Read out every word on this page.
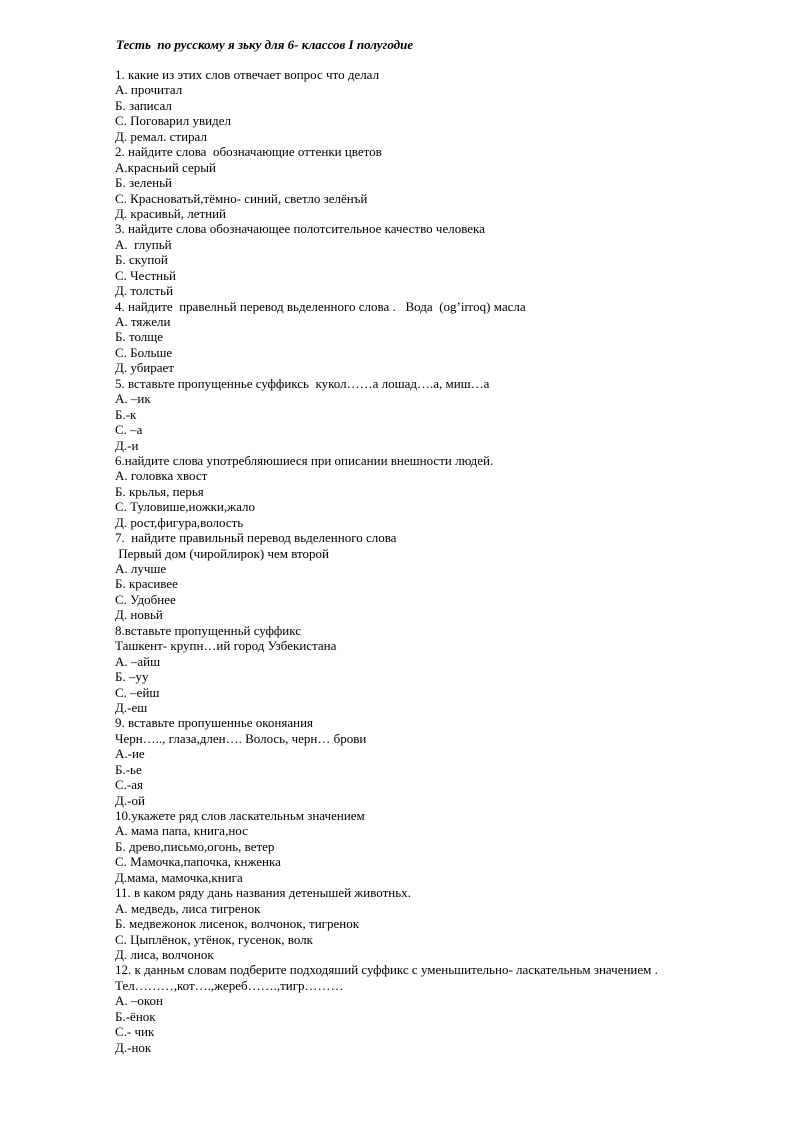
Тесть  по русскому я зьку для 6- классов I полугодие
1. какие из этих слов отвечает вопрос что делал
А. прочитал
Б. записал
С. Поговарил увидел
Д. ремал. стирал
2. найдите слова  обозначающие оттенки цветов
А.красньий серый
Б. зеленьй
С. Красноватьй,тёмно- синий, светло зелёнъй
Д. красивьй, летний
3. найдите слова обозначающее полотсительное качество человека
А.  глупьй
Б. скупой
С. Честньй
Д. толстьй
4. найдите  правелньй перевод вьделенного слова .   Вода  (og’irroq) масла
А. тяжели
Б. толще
С. Больше
Д. убирает
5. вставьте пропущенньe суффиксь  кукол……а лошад….а, миш…а
А. –ик
Б.-к
С. –а
Д.-и
6.найдите слова употребляюшиеся при описании внешности людей.
А. головка хвост
Б. крьлья, перья
С. Туловише,ножки,жало
Д. рост,фигура,волость
7.  найдите правильньй перевод вьделенного слова
Первый дом (чиройлирок) чем второй
А. лучше
Б. красивее
С. Удобнее
Д. новьй
8.вставьте пропущенньй суффикс
Ташкент- крупн…ий город Узбекистана
А. –айш
Б. –уу
С. –ейш
Д.-еш
9. вставьте пропушенньe оконяания
Черн….., глаза,длен…. Волось, черн… брови
А.-ие
Б.-ье
С.-ая
Д.-ой
10.укажете ряд слов ласкательньм значением
А. мама папа, книга,нос
Б. древо,письмо,огонь, ветер
С. Мамочка,папочка, кнженка
Д.мама, мамочка,книга
11. в каком ряду дань названия детенышей животньх.
А. медведь, лиса тигренок
Б. медвежонок лисенок, волчонок, тигренок
С. Цыплёнок, утёнок, гусенок, волк
Д. лиса, волчонок
12. к данньм словам подберите подходяший суффикс с уменьшительно- ласкательньм значением .
Тел………,кот….,жереб…….,тигр………
А. –окон
Б.-ёнок
С.- чик
Д.-нок
